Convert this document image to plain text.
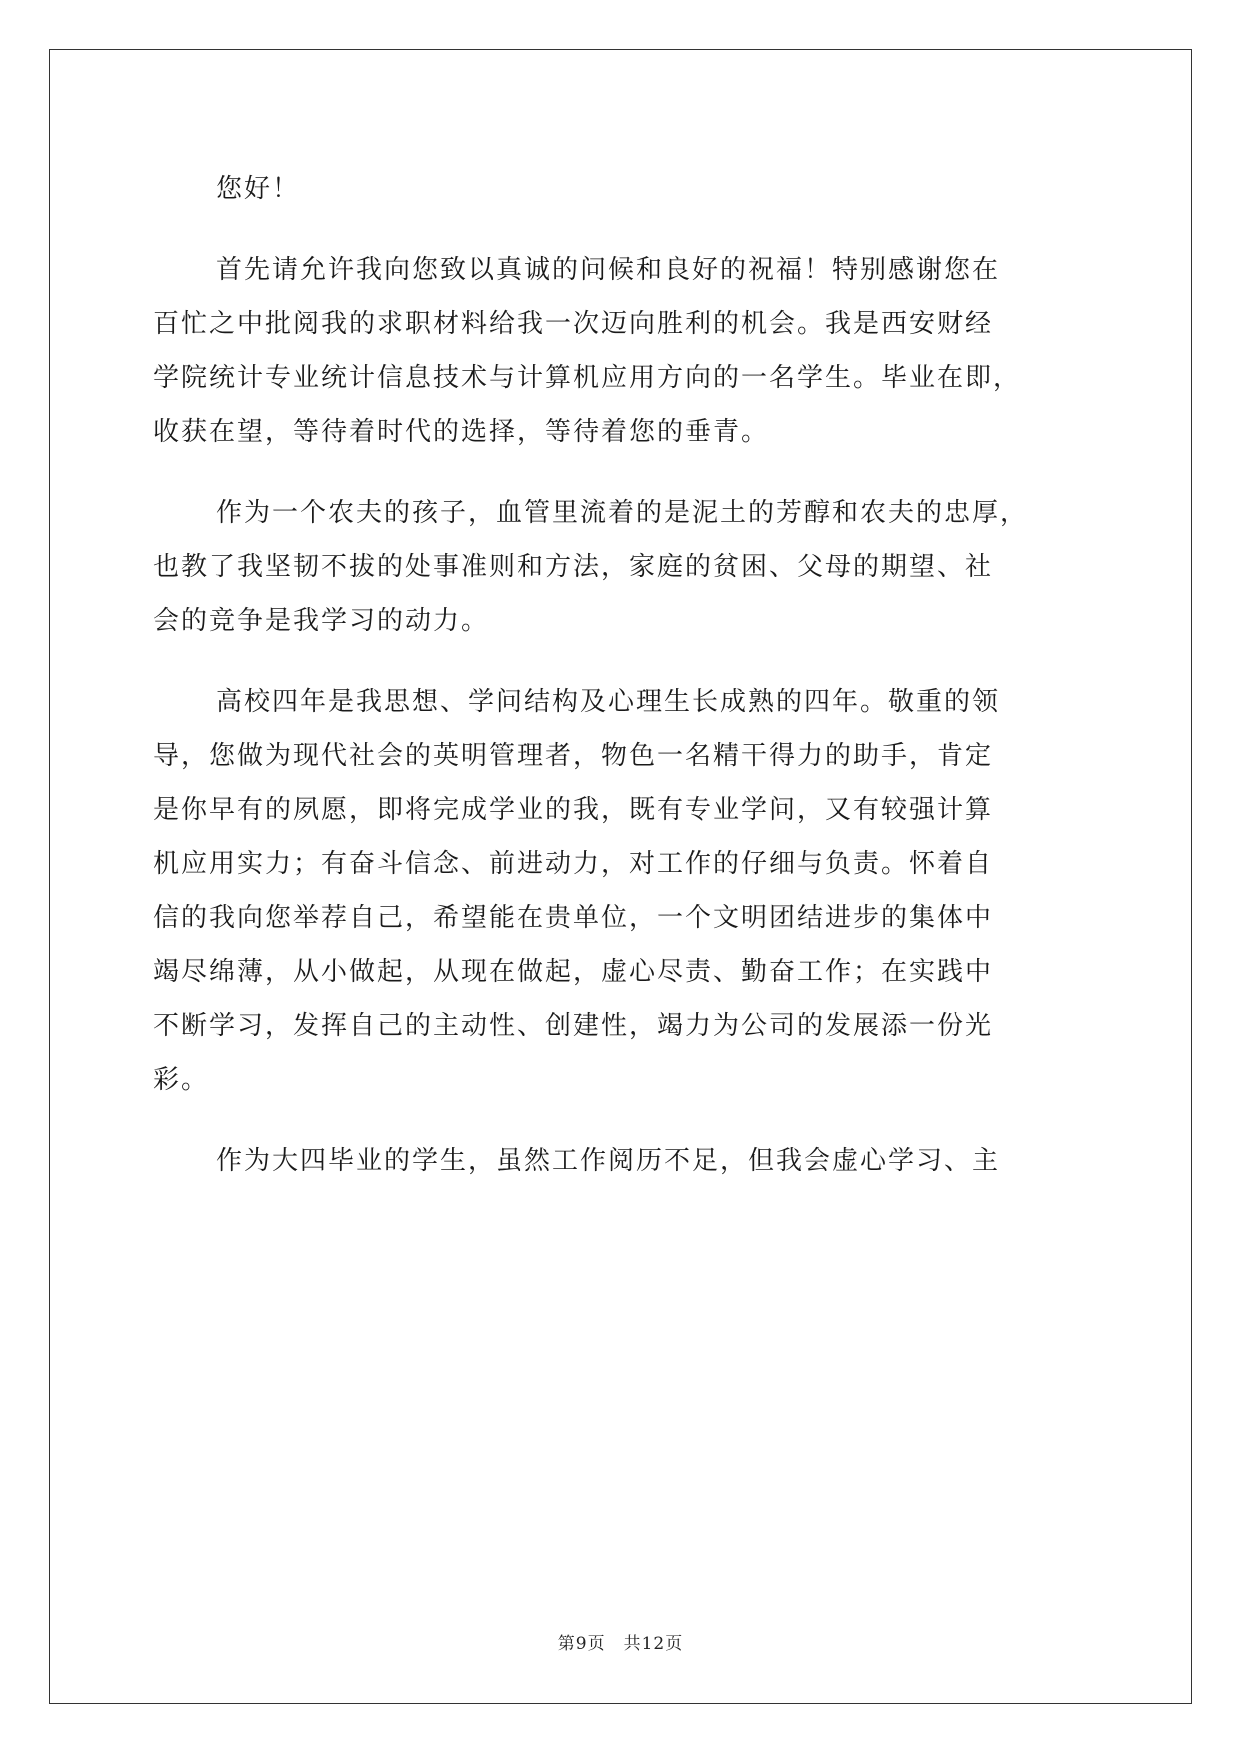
您好！
首先请允许我向您致以真诚的问候和良好的祝福！特别感谢您在
百忙之中批阅我的求职材料给我一次迈向胜利的机会。我是西安财经
学院统计专业统计信息技术与计算机应用方向的一名学生。毕业在即，
收获在望，等待着时代的选择，等待着您的垂青。
作为一个农夫的孩子，血管里流着的是泥土的芳醇和农夫的忠厚，
也教了我坚韧不拔的处事准则和方法，家庭的贫困、父母的期望、社
会的竞争是我学习的动力。
高校四年是我思想、学问结构及心理生长成熟的四年。敬重的领
导，您做为现代社会的英明管理者，物色一名精干得力的助手，肯定
是你早有的夙愿，即将完成学业的我，既有专业学问，又有较强计算
机应用实力；有奋斗信念、前进动力，对工作的仔细与负责。怀着自
信的我向您举荐自己，希望能在贵单位，一个文明团结进步的集体中
竭尽绵薄，从小做起，从现在做起，虚心尽责、勤奋工作；在实践中
不断学习，发挥自己的主动性、创建性，竭力为公司的发展添一份光
彩。
作为大四毕业的学生，虽然工作阅历不足，但我会虚心学习、主
第9页 共12页
